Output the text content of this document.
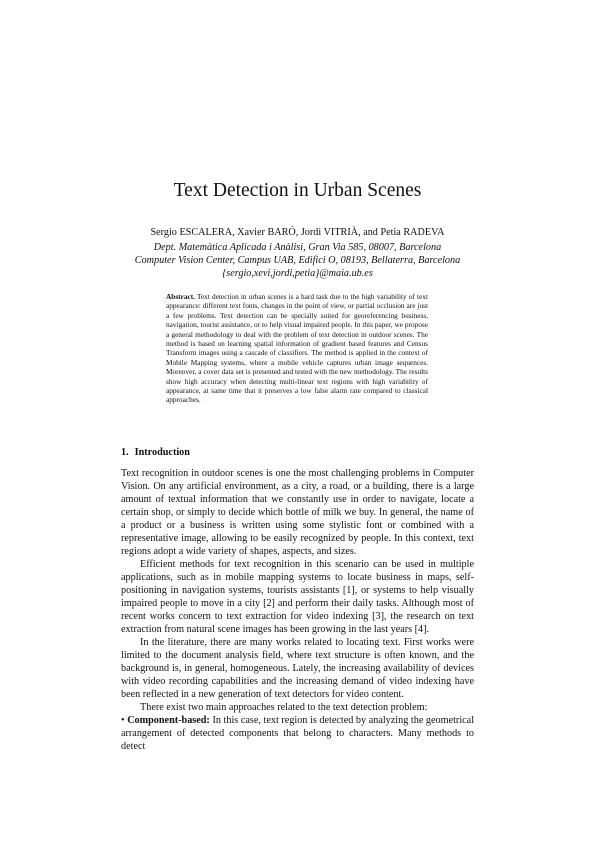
Text Detection in Urban Scenes
Sergio ESCALERA, Xavier BARÓ, Jordi VITRIÀ, and Petia RADEVA
Dept. Matemàtica Aplicada i Anàlisi, Gran Via 585, 08007, Barcelona
Computer Vision Center, Campus UAB, Edifici O, 08193, Bellaterra, Barcelona
{sergio,xevi,jordi,petia}@maia.ub.es
Abstract. Text detection in urban scenes is a hard task due to the high variability of text appearance: different text fonts, changes in the point of view, or partial occlusion are just a few problems. Text detection can be specially suited for georeferencing business, navigation, tourist assistance, or to help visual impaired people. In this paper, we propose a general methodology to deal with the problem of text detection in outdoor scenes. The method is based on learning spatial information of gradient based features and Census Transform images using a cascade of classifiers. The method is applied in the context of Mobile Mapping systems, where a mobile vehicle captures urban image sequences. Moreover, a cover data set is presented and tested with the new methodology. The results show high accuracy when detecting multi-linear text regions with high variability of appearance, at same time that it preserves a low false alarm rate compared to classical approaches.
1. Introduction

Text recognition in outdoor scenes is one the most challenging problems in Computer Vision. On any artificial environment, as a city, a road, or a building, there is a large amount of textual information that we constantly use in order to navigate, locate a certain shop, or simply to decide which bottle of milk we buy. In general, the name of a product or a business is written using some stylistic font or combined with a representative image, allowing to be easily recognized by people. In this context, text regions adopt a wide variety of shapes, aspects, and sizes.

Efficient methods for text recognition in this scenario can be used in multiple applications, such as in mobile mapping systems to locate business in maps, self-positioning in navigation systems, tourists assistants [1], or systems to help visually impaired people to move in a city [2] and perform their daily tasks. Although most of recent works concern to text extraction for video indexing [3], the research on text extraction from natural scene images has been growing in the last years [4].

In the literature, there are many works related to locating text. First works were limited to the document analysis field, where text structure is often known, and the background is, in general, homogeneous. Lately, the increasing availability of devices with video recording capabilities and the increasing demand of video indexing have been reflected in a new generation of text detectors for video content.

There exist two main approaches related to the text detection problem:

• Component-based: In this case, text region is detected by analyzing the geometrical arrangement of detected components that belong to characters. Many methods to detect
